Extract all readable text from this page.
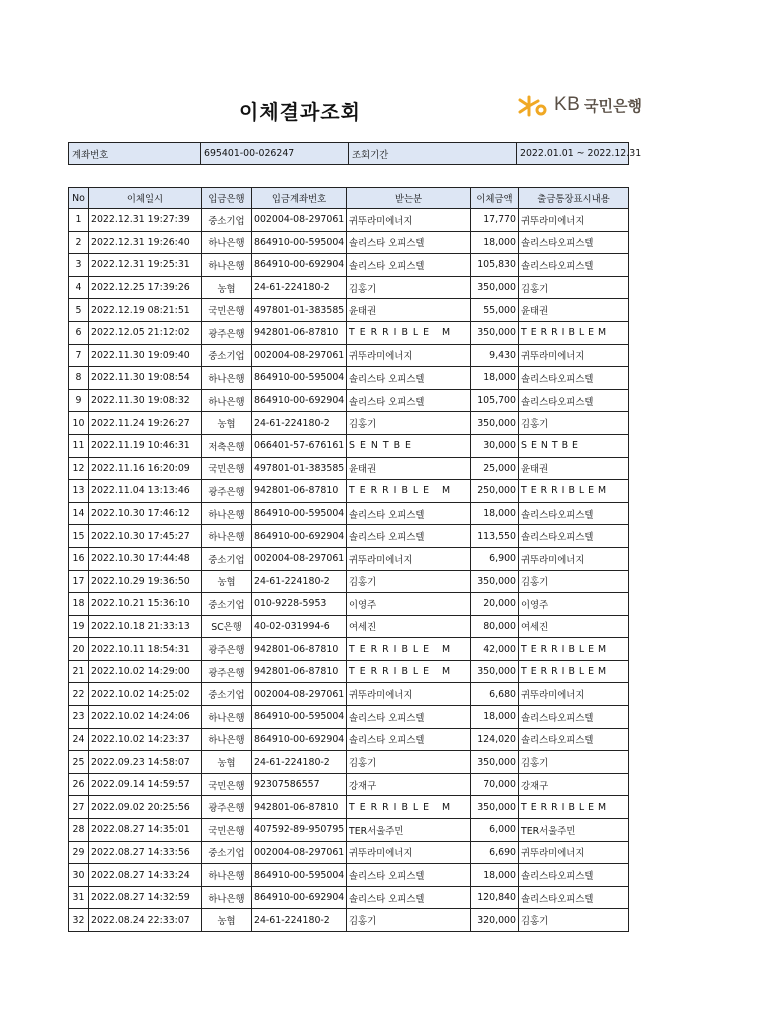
이체결과조회	KB 국민은행
계좌번호	695401-00-026247	조회기간	2022.01.01 ~ 2022.12.31
No	이체일시	입금은행	입금계좌번호	받는분	이체금액	출금통장표시내용
1	2022.12.31 19:27:39	중소기업	002004-08-297061	귀뚜라미에너지	17,770	귀뚜라미에너지
2	2022.12.31 19:26:40	하나은행	864910-00-595004	솔리스타 오피스텔	18,000	솔리스타오피스텔
3	2022.12.31 19:25:31	하나은행	864910-00-692904	솔리스타 오피스텔	105,830	솔리스타오피스텔
4	2022.12.25 17:39:26	농협	24-61-224180-2	김홍기	350,000	김홍기
5	2022.12.19 08:21:51	국민은행	497801-01-383585	윤태권	55,000	윤태권
6	2022.12.05 21:12:02	광주은행	942801-06-87810	TERRIBLE M	350,000	TERRIBLEM
7	2022.11.30 19:09:40	중소기업	002004-08-297061	귀뚜라미에너지	9,430	귀뚜라미에너지
8	2022.11.30 19:08:54	하나은행	864910-00-595004	솔리스타 오피스텔	18,000	솔리스타오피스텔
9	2022.11.30 19:08:32	하나은행	864910-00-692904	솔리스타 오피스텔	105,700	솔리스타오피스텔
10	2022.11.24 19:26:27	농협	24-61-224180-2	김홍기	350,000	김홍기
11	2022.11.19 10:46:31	저축은행	066401-57-676161	SENTBE	30,000	SENTBE
12	2022.11.16 16:20:09	국민은행	497801-01-383585	윤태권	25,000	윤태권
13	2022.11.04 13:13:46	광주은행	942801-06-87810	TERRIBLE M	250,000	TERRIBLEM
14	2022.10.30 17:46:12	하나은행	864910-00-595004	솔리스타 오피스텔	18,000	솔리스타오피스텔
15	2022.10.30 17:45:27	하나은행	864910-00-692904	솔리스타 오피스텔	113,550	솔리스타오피스텔
16	2022.10.30 17:44:48	중소기업	002004-08-297061	귀뚜라미에너지	6,900	귀뚜라미에너지
17	2022.10.29 19:36:50	농협	24-61-224180-2	김홍기	350,000	김홍기
18	2022.10.21 15:36:10	중소기업	010-9228-5953	이영주	20,000	이영주
19	2022.10.18 21:33:13	SC은행	40-02-031994-6	여세진	80,000	여세진
20	2022.10.11 18:54:31	광주은행	942801-06-87810	TERRIBLE M	42,000	TERRIBLEM
21	2022.10.02 14:29:00	광주은행	942801-06-87810	TERRIBLE M	350,000	TERRIBLEM
22	2022.10.02 14:25:02	중소기업	002004-08-297061	귀뚜라미에너지	6,680	귀뚜라미에너지
23	2022.10.02 14:24:06	하나은행	864910-00-595004	솔리스타 오피스텔	18,000	솔리스타오피스텔
24	2022.10.02 14:23:37	하나은행	864910-00-692904	솔리스타 오피스텔	124,020	솔리스타오피스텔
25	2022.09.23 14:58:07	농협	24-61-224180-2	김홍기	350,000	김홍기
26	2022.09.14 14:59:57	국민은행	92307586557	강재구	70,000	강재구
27	2022.09.02 20:25:56	광주은행	942801-06-87810	TERRIBLE M	350,000	TERRIBLEM
28	2022.08.27 14:35:01	국민은행	407592-89-950795	TER서울주민	6,000	TER서울주민
29	2022.08.27 14:33:56	중소기업	002004-08-297061	귀뚜라미에너지	6,690	귀뚜라미에너지
30	2022.08.27 14:33:24	하나은행	864910-00-595004	솔리스타 오피스텔	18,000	솔리스타오피스텔
31	2022.08.27 14:32:59	하나은행	864910-00-692904	솔리스타 오피스텔	120,840	솔리스타오피스텔
32	2022.08.24 22:33:07	농협	24-61-224180-2	김홍기	320,000	김홍기
